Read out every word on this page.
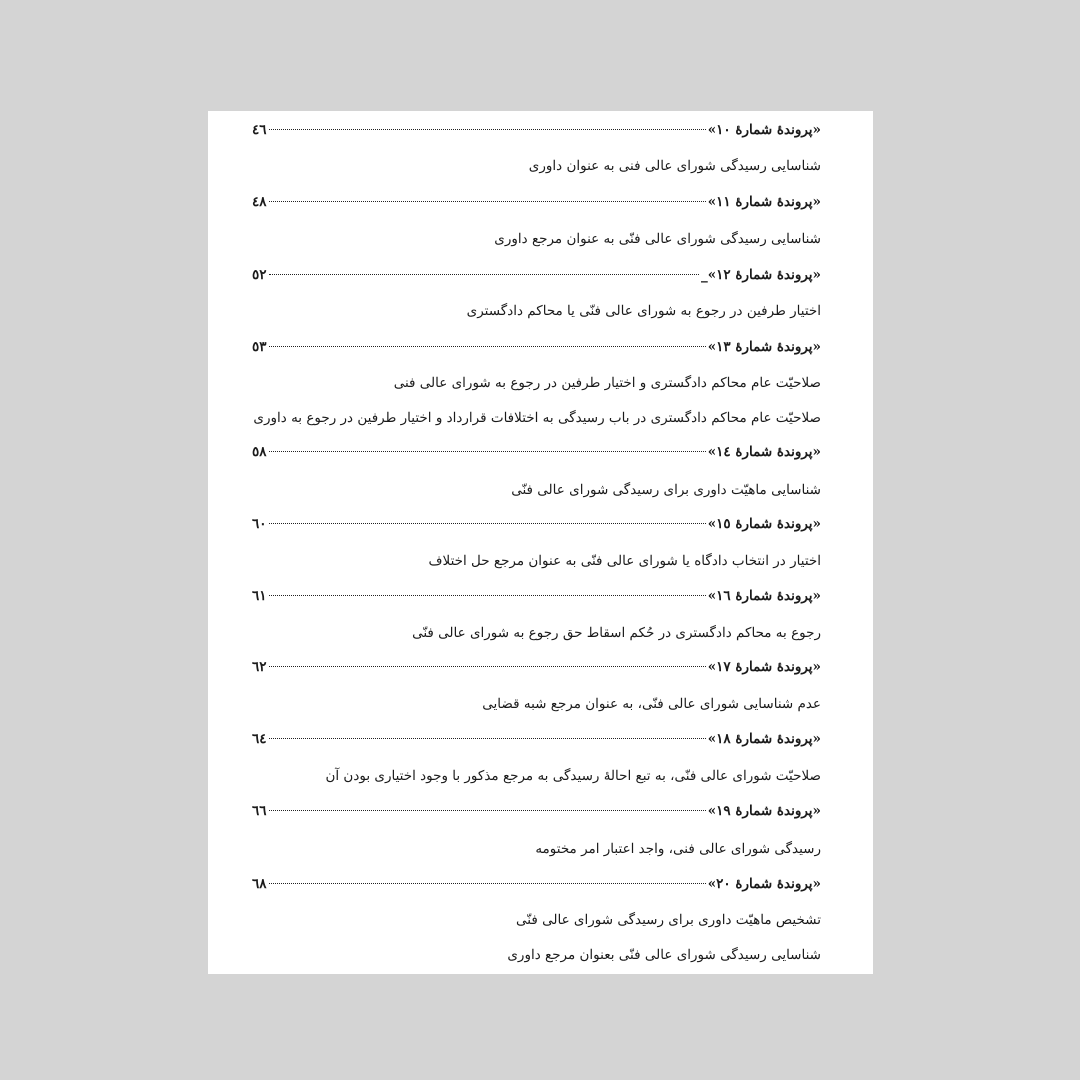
«پروندهٔ شمارهٔ ١٠»
٤٦
شناسایی رسیدگی شورای عالی فنی به عنوان داوری
«پروندهٔ شمارهٔ ١١»
٤٨
شناسایی رسیدگی شورای عالی فنّی به عنوان مرجع داوری
«پروندهٔ شمارهٔ ١٢»_
٥٢
اختیار طرفین در رجوع به شورای عالی فنّی یا محاکم دادگستری
«پروندهٔ شمارهٔ ١٣»
٥٣
صلاحیّت عام محاکم دادگستری و اختیار طرفین در رجوع به شورای عالی فنی
صلاحیّت عام محاکم دادگستری در باب رسیدگی به اختلافات قرارداد و اختیار طرفین در رجوع به داوری
«پروندهٔ شمارهٔ ١٤»
٥٨
شناسایی ماهیّت داوری برای رسیدگی شورای عالی فنّی
«پروندهٔ شمارهٔ ١٥»
٦٠
اختیار در انتخاب دادگاه یا شورای عالی فنّی به عنوان مرجع حل اختلاف
«پروندهٔ شمارهٔ ١٦»
٦١
رجوع به محاکم دادگستری در حُکم اسقاط حق رجوع به شورای عالی فنّی
«پروندهٔ شمارهٔ ١٧»
٦٢
عدم شناسایی شورای عالی فنّی، به عنوان مرجع شبه قضایی
«پروندهٔ شمارهٔ ١٨»
٦٤
صلاحیّت شورای عالی فنّی، به تبع احالهٔ رسیدگی به مرجع مذکور با وجود اختیاری بودن آن
«پروندهٔ شمارهٔ ١٩»
٦٦
رسیدگی شورای عالی فنی، واجد اعتبار امر مختومه
«پروندهٔ شمارهٔ ٢٠»
٦٨
تشخیص ماهیّت داوری برای رسیدگی شورای عالی فنّی
شناسایی رسیدگی شورای عالی فنّی بعنوان مرجع داوری
